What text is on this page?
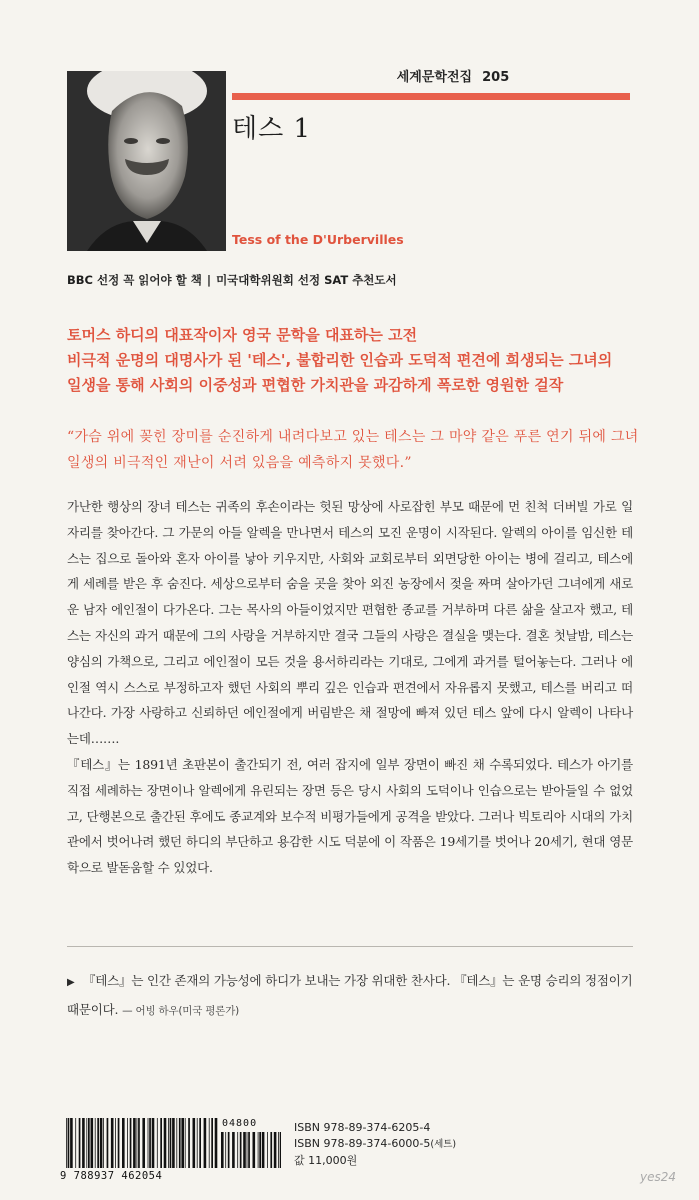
세계문학전집 205
테스 1
Tess of the D'Urbervilles
BBC 선정 꼭 읽어야 할 책 | 미국대학위원회 선정 SAT 추천도서
토머스 하디의 대표작이자 영국 문학을 대표하는 고전
비극적 운명의 대명사가 된 '테스', 불합리한 인습과 도덕적 편견에 희생되는 그녀의
일생을 통해 사회의 이중성과 편협한 가치관을 과감하게 폭로한 영원한 걸작
“가슴 위에 꽂힌 장미를 순진하게 내려다보고 있는 테스는 그 마약 같은 푸른 연기 뒤에 그녀 일생의 비극적인 재난이 서려 있음을 예측하지 못했다.”

가난한 행상의 장녀 테스는 귀족의 후손이라는 헛된 망상에 사로잡힌 부모 때문에 먼 친척 더버빌 가로 일자리를 찾아간다. 그 가문의 아들 알렉을 만나면서 테스의 모진 운명이 시작된다. 알렉의 아이를 임신한 테스는 집으로 돌아와 혼자 아이를 낳아 키우지만, 사회와 교회로부터 외면당한 아이는 병에 걸리고, 테스에게 세례를 받은 후 숨진다. 세상으로부터 숨을 곳을 찾아 외진 농장에서 젖을 짜며 살아가던 그녀에게 새로운 남자 에인절이 다가온다. 그는 목사의 아들이었지만 편협한 종교를 거부하며 다른 삶을 살고자 했고, 테스는 자신의 과거 때문에 그의 사랑을 거부하지만 결국 그들의 사랑은 결실을 맺는다. 결혼 첫날밤, 테스는 양심의 가책으로, 그리고 에인절이 모든 것을 용서하리라는 기대로, 그에게 과거를 털어놓는다. 그러나 에인절 역시 스스로 부정하고자 했던 사회의 뿌리 깊은 인습과 편견에서 자유롭지 못했고, 테스를 버리고 떠나간다. 가장 사랑하고 신뢰하던 에인절에게 버림받은 채 절망에 빠져 있던 테스 앞에 다시 알렉이 나타나는데…….

『테스』는 1891년 초판본이 출간되기 전, 여러 잡지에 일부 장면이 빠진 채 수록되었다. 테스가 아기를 직접 세례하는 장면이나 알렉에게 유린되는 장면 등은 당시 사회의 도덕이나 인습으로는 받아들일 수 없었고, 단행본으로 출간된 후에도 종교계와 보수적 비평가들에게 공격을 받았다. 그러나 빅토리아 시대의 가치관에서 벗어나려 했던 하디의 부단하고 용감한 시도 덕분에 이 작품은 19세기를 벗어나 20세기, 현대 영문학으로 발돋움할 수 있었다.

▶ 『테스』는 인간 존재의 가능성에 하디가 보내는 가장 위대한 찬사다. 『테스』는 운명 승리의 정점이기 때문이다. — 어빙 하우(미국 평론가)
9 788937 462054
04800	ISBN 978-89-374-6205-4
ISBN 978-89-374-6000-5(세트)
값 11,000원
yes24
